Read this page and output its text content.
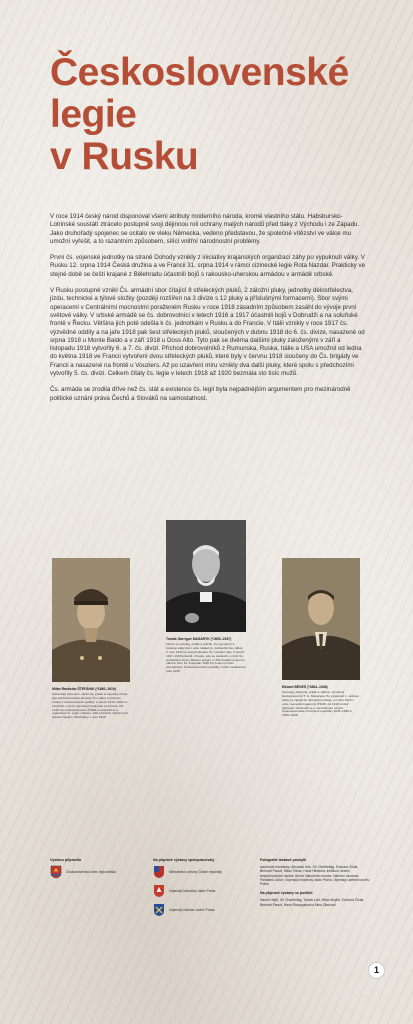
Československé
legie
v Rusku

V roce 1914 český národ disponoval všemi atributy moderního národa, kromě vlastního státu. Habsbursko-Lotrinské soustátí ztrácelo postupně svoji dějinnou roli ochrany malých národů před tlaky z Východu i ze Západu. Jako druhořadý spojenec se ocitalo ve vleku Německa, vedeno představou, že společné vítězství ve válce mu umožní vyřešit, a to razantním způsobem, sílící vnitřní národnostní problémy.

První čs. vojenské jednotky na straně Dohody vznikly z iniciativy krajanských organizací záhy po vypuknutí války. V Rusku 12. srpna 1914 Česká družina a ve Francii 31. srpna 1914 v rámci cizinecké legie Rota Nazdar. Prakticky ve stejné době se čeští krajané z Bělehradu účastnili bojů s rakousko-uherskou armádou v armádě srbské.

V Rusku postupně vznikl Čs. armádní sbor čítající 8 střeleckých pluků, 2 záložní pluky, jednotky dělostřelectva, jízdu, technické a týlové složky (později rozšířen na 3 divize s 12 pluky a příslušnými formacemi). Sbor svými operacemi v Centrálními mocnostmi poraženém Rusku v roce 1918 zásadním způsobem zasáhl do vývoje první světové války. V srbské armádě se čs. dobrovolníci v letech 1916 a 1917 účastnili bojů v Dobrudži a na soluňské frontě v Řecku. Většina jich poté odešla k čs. jednotkám v Rusku a do Francie. V Itálii vznikly v roce 1917 čs. výzvědné oddíly a na jaře 1918 pak šest střeleckých pluků, sloučených v dubnu 1918 do 6. čs. divize, nasazené od srpna 1918 u Monte Baldo a v září 1918 u Doss Alto. Tyto pak se dvěma dalšími pluky založenými v září a listopadu 1918 vytvořily 6. a 7. čs. divizi. Příchod dobrovolníků z Rumunska, Ruska, Itálie a USA umožnil od ledna do května 1918 ve Francii vytvoření dvou střeleckých pluků, které byly v červnu 1918 sloučeny do Čs. brigády ve Francii a nasazené na frontě u Vouziers. Až po uzavření míru vznikly dva další pluky, které spolu s předchozími vytvořily 5. čs. divizi. Celkem čítaly čs. legie v letech 1918 až 1920 bezmála sto tisíc mužů.

Čs. armáda se zrodila dříve než čs. stát a existence čs. legií byla nejpádnějším argumentem pro mezinárodně politické uznání práva Čechů a Slováků na samostatnost.

Milan Rastislav ŠTEFÁNIK (*1880–1919)
Slovenský astronom, diplomat, politik a vojenský činitel, generál francouzské armády. Pro odboj významné vztahy s francouzskými politiky. V letech 1915–1916 se zasloužil o vznik vojenských jednotek ve Francii. Od 1916 byl místopředsedou ČSNR a zasloužil se o organizaci čs. vojsk v Rusku, Itálii a Francii. Zahynul při letecké havárii u Bratislavy v roce 1919.
Tomáš Garrigue MASARYK (*1850–1937)
Filozof a sociolog, politik a státník. Po vypuknutí 1. světové války dal v exilu základ čs. zahraničnímu odboji. V roce 1916 se stal předsedou Čs. národní rady. V letech 1917–1918 působil v Rusku, kde se zasloužil o vznik Čs. armádního sboru. Během pobytu v USA dosáhl uznání čs. nároků. Dne 14. listopadu 1918 byl zvolen prvním prezidentem Československé republiky, funkci zastával do roku 1935.
Edvard BENEŠ (*1884–1948)
Sociolog, diplomat, politik a státník, význačný spolupracovník T. G. Masaryka. Po vypuknutí 1. světové války se zapojil do domácího odboje, od roku 1915 v exilu. Generální tajemník ČSNR, od 1918 ministr zahraničí. Zasloužil se o mezinárodní uznání Československa. Prezident republiky 1935–1938 a 1945–1948.
Výstavu připravila
Československá obec legionářská
Na přípravě výstavy spolupracovaly
Ministerstvo obrany České republiky
Vojenský historický ústav Praha
Vojenský ústřední archiv Praha
Fotografie laskavě poskytli
soukromé fotobanky: Alexandr Ihle, Jiří Charfreitag, Edmund Čičák, Bernard Panuš, Milan Tribas, Hana Hlinková; instituce: Archiv bezpečnostních složek, Archiv Národního muzea, Národní muzeum, Památník Lidice, Vojenský historický ústav Praha, Vojenský ústřední archiv Praha
Na přípravě výstavy se podíleli
Naomi Hejlů, Jiří Charfreitag, Tomáš Lukl, Milan Mojžíš, Edmund Čičák, Bernard Panuš, Hana Rozsypalová a Nina Zikmund
1
